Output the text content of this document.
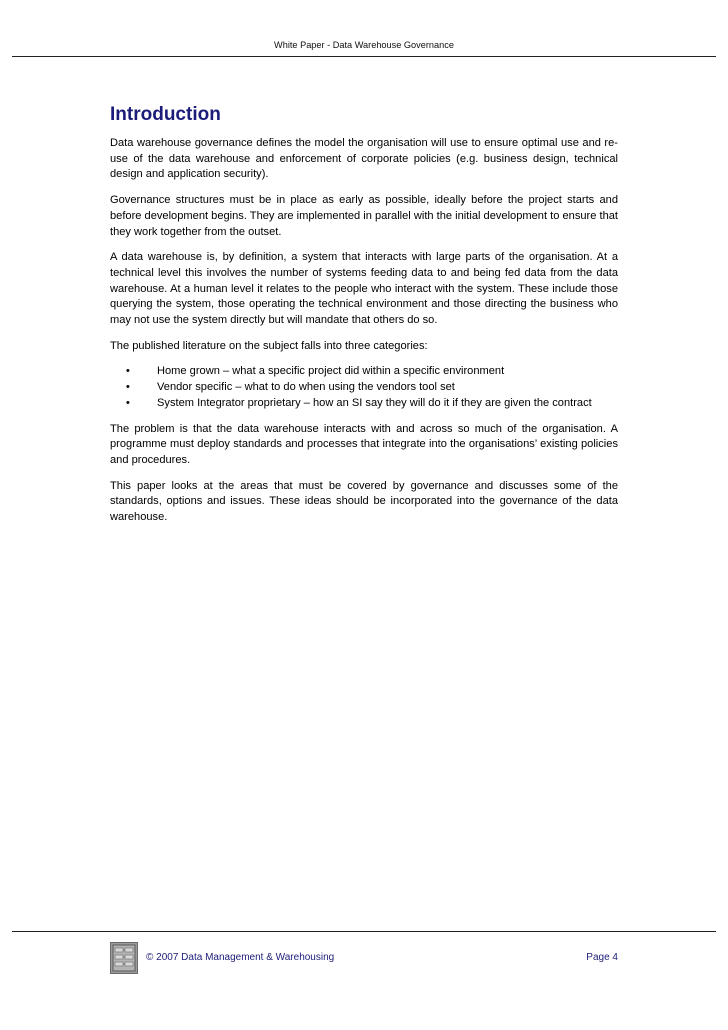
White Paper - Data Warehouse Governance
Introduction

Data warehouse governance defines the model the organisation will use to ensure optimal use and re-use of the data warehouse and enforcement of corporate policies (e.g. business design, technical design and application security).

Governance structures must be in place as early as possible, ideally before the project starts and before development begins. They are implemented in parallel with the initial development to ensure that they work together from the outset.

A data warehouse is, by definition, a system that interacts with large parts of the organisation. At a technical level this involves the number of systems feeding data to and being fed data from the data warehouse. At a human level it relates to the people who interact with the system. These include those querying the system, those operating the technical environment and those directing the business who may not use the system directly but will mandate that others do so.

The published literature on the subject falls into three categories:

• Home grown – what a specific project did within a specific environment
• Vendor specific – what to do when using the vendors tool set
• System Integrator proprietary – how an SI say they will do it if they are given the contract

The problem is that the data warehouse interacts with and across so much of the organisation. A programme must deploy standards and processes that integrate into the organisations’ existing policies and procedures.

This paper looks at the areas that must be covered by governance and discusses some of the standards, options and issues. These ideas should be incorporated into the governance of the data warehouse.

© 2007 Data Management & Warehousing	Page 4
